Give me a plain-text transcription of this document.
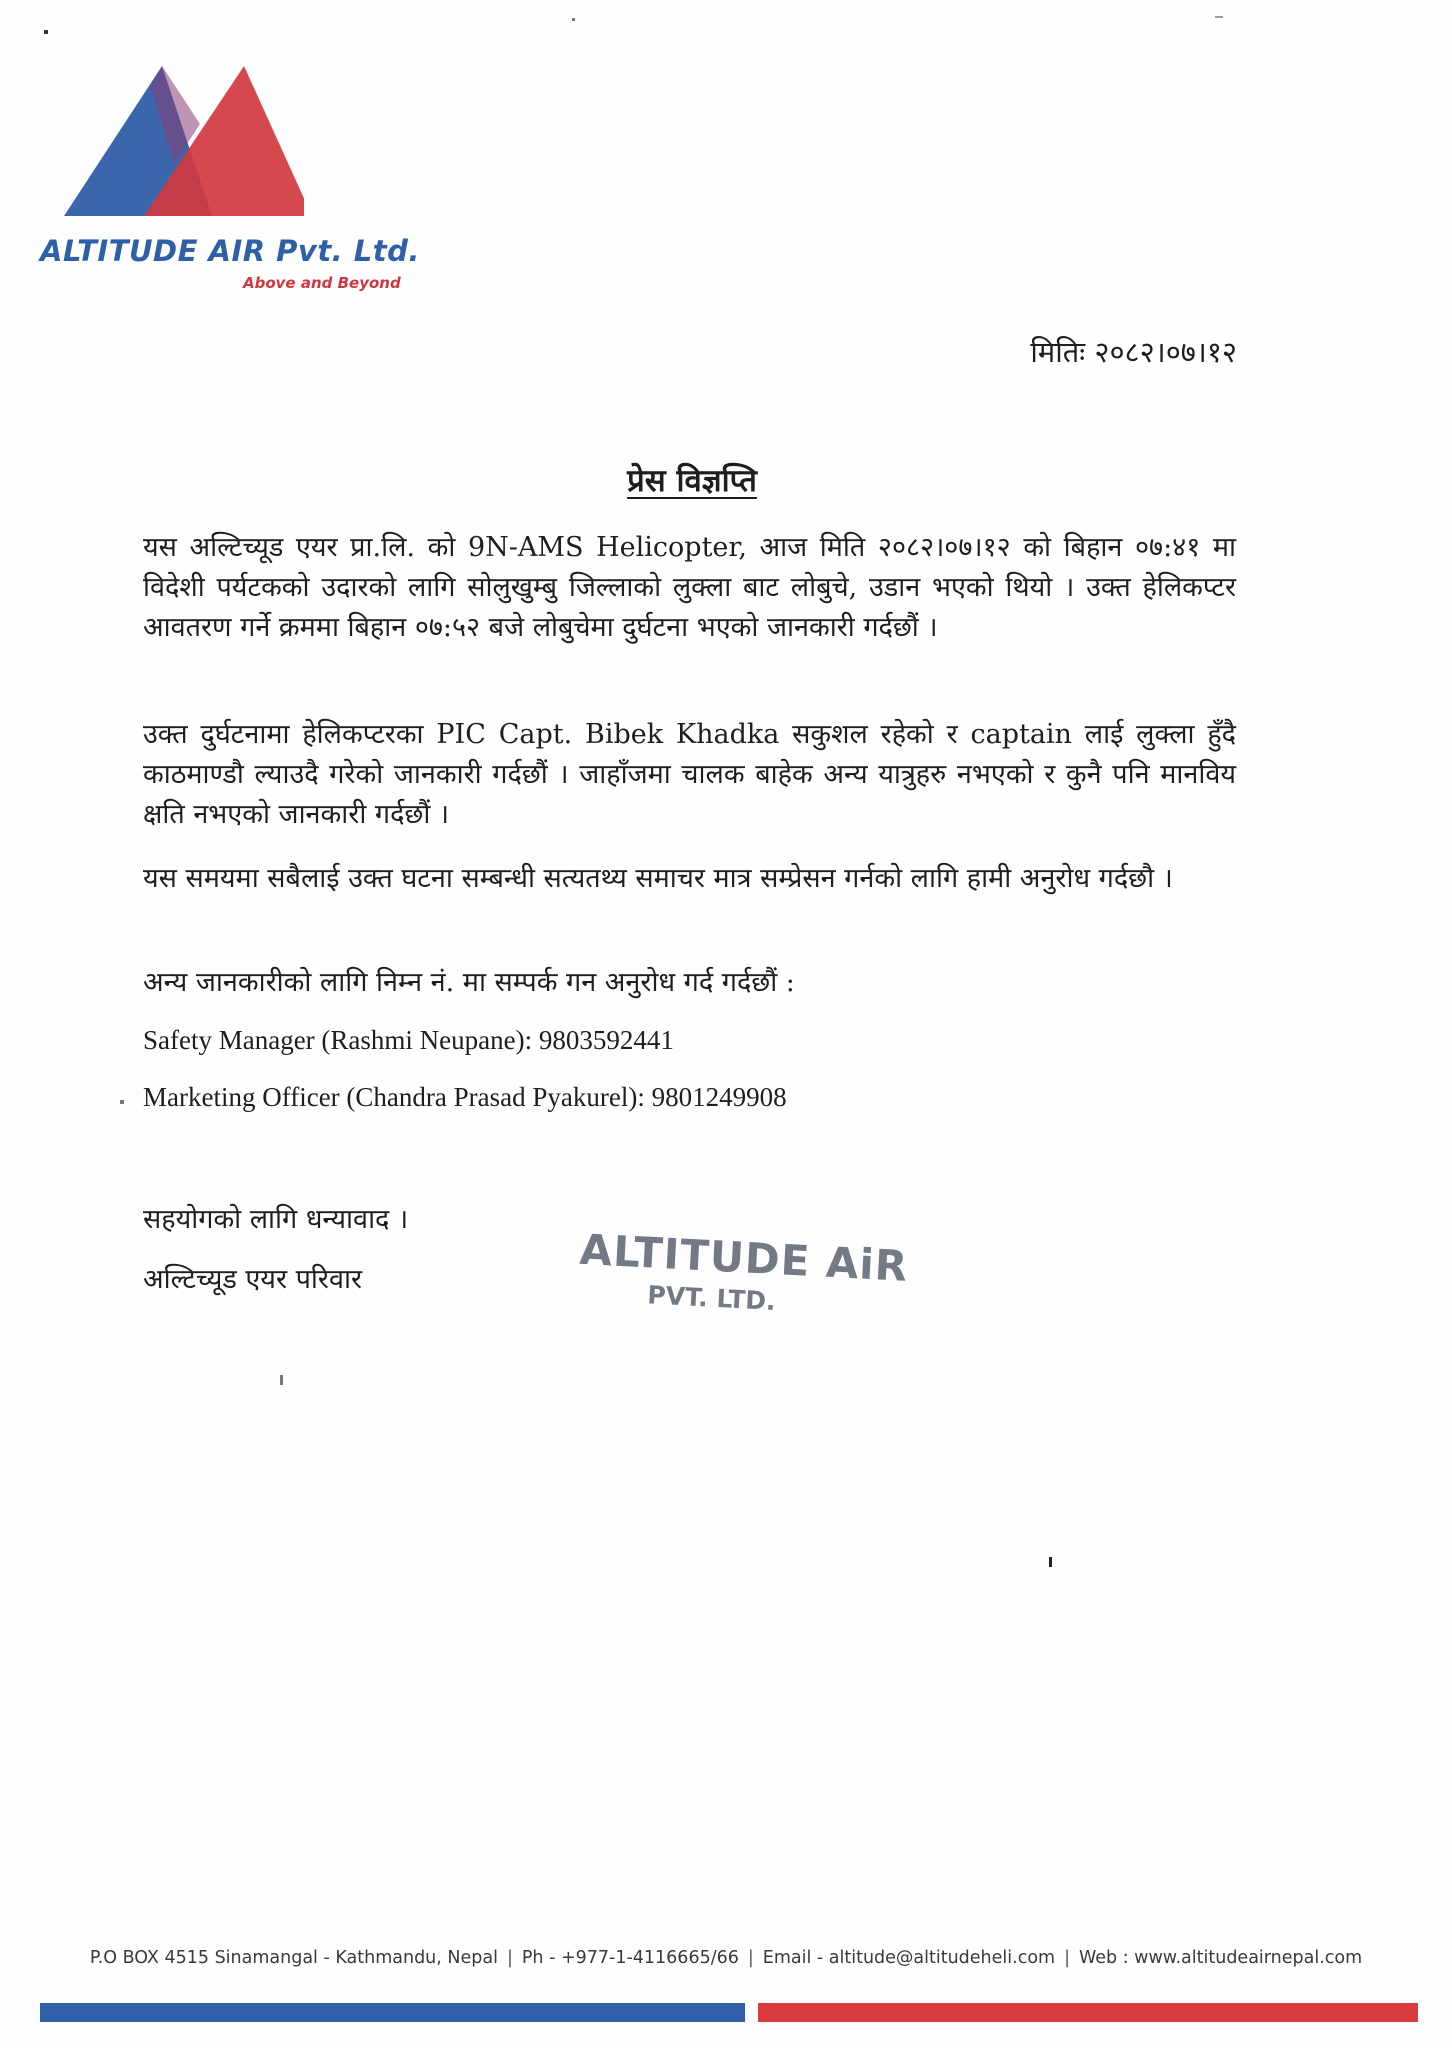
ALTITUDE AIR Pvt. Ltd.
Above and Beyond
मितिः २०८२।०७।१२
प्रेस विज्ञप्ति

यस अल्टिच्यूड एयर प्रा.लि. को 9N-AMS Helicopter, आज मिति २०८२।०७।१२ को बिहान ०७:४१ मा विदेशी पर्यटकको उदारको लागि सोलुखुम्बु जिल्लाको लुक्ला बाट लोबुचे, उडान भएको थियो । उक्त हेलिकप्टर आवतरण गर्ने क्रममा बिहान ०७:५२ बजे लोबुचेमा दुर्घटना भएको जानकारी गर्दछौं ।

उक्त दुर्घटनामा हेलिकप्टरका PIC Capt. Bibek Khadka सकुशल रहेको र captain लाई लुक्ला हुँदै काठमाण्डौ ल्याउदै गरेको जानकारी गर्दछौं । जाहाँजमा चालक बाहेक अन्य यात्रुहरु नभएको र कुनै पनि मानविय क्षति नभएको जानकारी गर्दछौं ।

यस समयमा सबैलाई उक्त घटना सम्बन्धी सत्यतथ्य समाचर मात्र सम्प्रेसन गर्नको लागि हामी अनुरोध गर्दछौ ।

अन्य जानकारीको लागि निम्न नं. मा सम्पर्क गन अनुरोध गर्द गर्दछौं :

Safety Manager (Rashmi Neupane): 9803592441
Marketing Officer (Chandra Prasad Pyakurel): 9801249908
सहयोगको लागि धन्यावाद ।
अल्टिच्यूड एयर परिवार	ALTITUDE AiR
PVT. LTD.
P.O BOX 4515 Sinamangal - Kathmandu, Nepal | Ph - +977-1-4116665/66 | Email - altitude@altitudeheli.com | Web : www.altitudeairnepal.com
